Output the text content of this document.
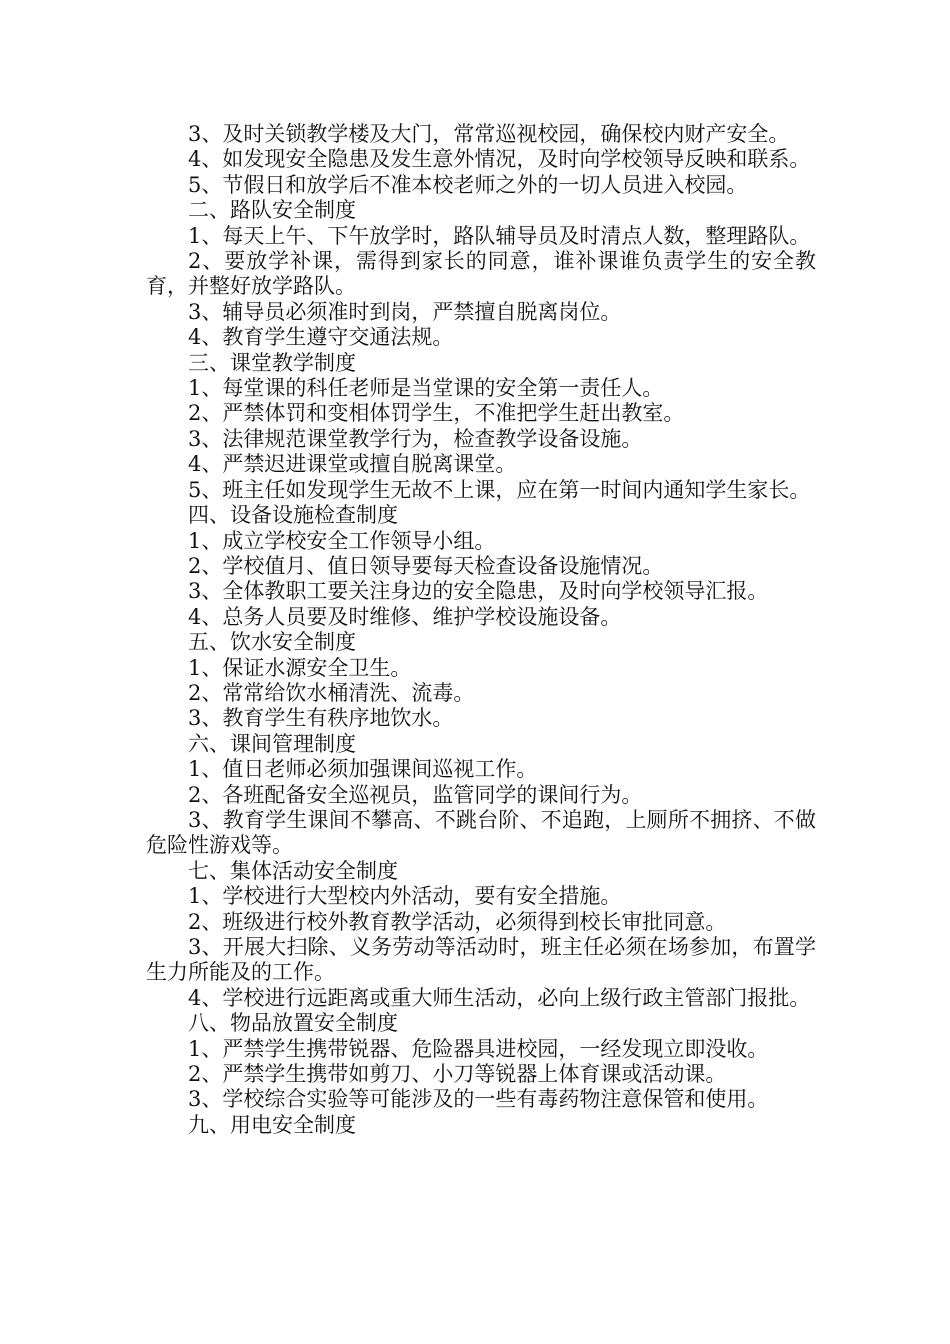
3、及时关锁教学楼及大门，常常巡视校园，确保校内财产安全。

4、如发现安全隐患及发生意外情况，及时向学校领导反映和联系。

5、节假日和放学后不准本校老师之外的一切人员进入校园。

二、路队安全制度

1、每天上午、下午放学时，路队辅导员及时清点人数，整理路队。

2、要放学补课，需得到家长的同意，谁补课谁负责学生的安全教育，并整好放学路队。

3、辅导员必须准时到岗，严禁擅自脱离岗位。

4、教育学生遵守交通法规。

三、课堂教学制度

1、每堂课的科任老师是当堂课的安全第一责任人。

2、严禁体罚和变相体罚学生，不准把学生赶出教室。

3、法律规范课堂教学行为，检查教学设备设施。

4、严禁迟进课堂或擅自脱离课堂。

5、班主任如发现学生无故不上课，应在第一时间内通知学生家长。

四、设备设施检查制度

1、成立学校安全工作领导小组。

2、学校值月、值日领导要每天检查设备设施情况。

3、全体教职工要关注身边的安全隐患，及时向学校领导汇报。

4、总务人员要及时维修、维护学校设施设备。

五、饮水安全制度

1、保证水源安全卫生。

2、常常给饮水桶清洗、流毒。

3、教育学生有秩序地饮水。

六、课间管理制度

1、值日老师必须加强课间巡视工作。

2、各班配备安全巡视员，监管同学的课间行为。

3、教育学生课间不攀高、不跳台阶、不追跑，上厕所不拥挤、不做危险性游戏等。

七、集体活动安全制度

1、学校进行大型校内外活动，要有安全措施。

2、班级进行校外教育教学活动，必须得到校长审批同意。

3、开展大扫除、义务劳动等活动时，班主任必须在场参加，布置学生力所能及的工作。

4、学校进行远距离或重大师生活动，必向上级行政主管部门报批。

八、物品放置安全制度

1、严禁学生携带锐器、危险器具进校园，一经发现立即没收。

2、严禁学生携带如剪刀、小刀等锐器上体育课或活动课。

3、学校综合实验等可能涉及的一些有毒药物注意保管和使用。

九、用电安全制度
